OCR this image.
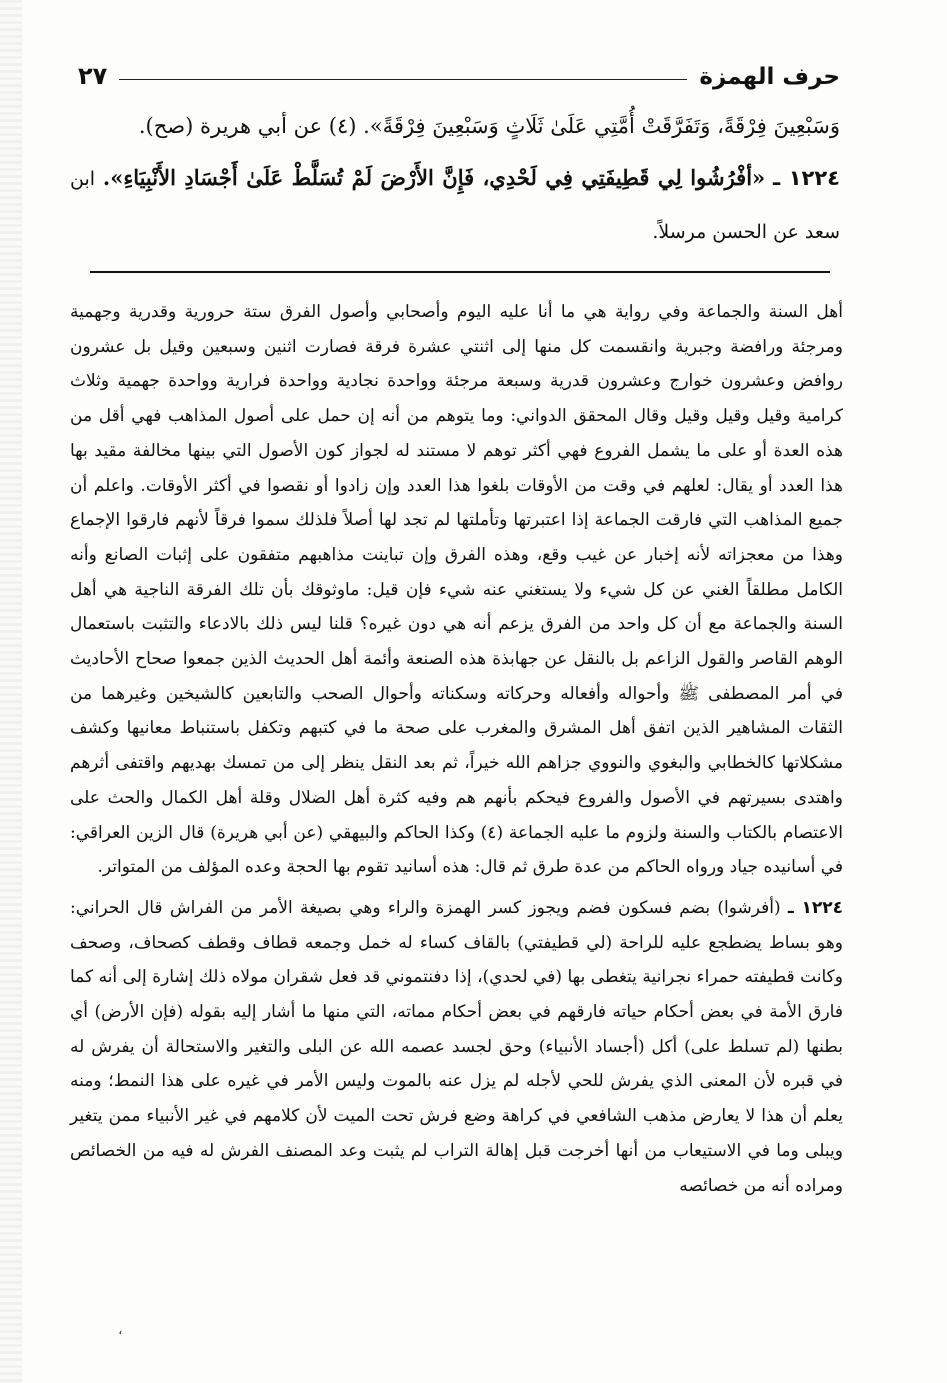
حرف الهمزة
٢٧

وَسَبْعِينَ فِرْقَةً، وَتَفَرَّقَتْ أُمَّتِي عَلَىٰ ثَلَاثٍ وَسَبْعِينَ فِرْقَةً». (٤) عن أبي هريرة (صح).

١٢٢٤ ـ «أفْرُشُوا لِي قَطِيفَتِي فِي لَحْدِي، فَإِنَّ الأَرْضَ لَمْ تُسَلَّطْ عَلَىٰ أَجْسَادِ الأَنْبِيَاءِ». ابن سعد عن الحسن مرسلاً.

أهل السنة والجماعة وفي رواية هي ما أنا عليه اليوم وأصحابي وأصول الفرق ستة حرورية وقدرية وجهمية ومرجئة ورافضة وجبرية وانقسمت كل منها إلى اثنتي عشرة فرقة فصارت اثنين وسبعين وقيل بل عشرون روافض وعشرون خوارج وعشرون قدرية وسبعة مرجئة وواحدة نجادية وواحدة فرارية وواحدة جهمية وثلاث كرامية وقيل وقيل وقيل وقال المحقق الدواني: وما يتوهم من أنه إن حمل على أصول المذاهب فهي أقل من هذه العدة أو على ما يشمل الفروع فهي أكثر توهم لا مستند له لجواز كون الأصول التي بينها مخالفة مقيد بها هذا العدد أو يقال: لعلهم في وقت من الأوقات بلغوا هذا العدد وإن زادوا أو نقصوا في أكثر الأوقات. واعلم أن جميع المذاهب التي فارقت الجماعة إذا اعتبرتها وتأملتها لم تجد لها أصلاً فلذلك سموا فرقاً لأنهم فارقوا الإجماع وهذا من معجزاته لأنه إخبار عن غيب وقع، وهذه الفرق وإن تباينت مذاهبهم متفقون على إثبات الصانع وأنه الكامل مطلقاً الغني عن كل شيء ولا يستغني عنه شيء فإن قيل: ماوثوقك بأن تلك الفرقة الناجية هي أهل السنة والجماعة مع أن كل واحد من الفرق يزعم أنه هي دون غيره؟ قلنا ليس ذلك بالادعاء والتثبت باستعمال الوهم القاصر والقول الزاعم بل بالنقل عن جهابذة هذه الصنعة وأئمة أهل الحديث الذين جمعوا صحاح الأحاديث في أمر المصطفى ﷺ وأحواله وأفعاله وحركاته وسكناته وأحوال الصحب والتابعين كالشيخين وغيرهما من الثقات المشاهير الذين اتفق أهل المشرق والمغرب على صحة ما في كتبهم وتكفل باستنباط معانيها وكشف مشكلاتها كالخطابي والبغوي والنووي جزاهم الله خيراً، ثم بعد النقل ينظر إلى من تمسك بهديهم واقتفى أثرهم واهتدى بسيرتهم في الأصول والفروع فيحكم بأنهم هم وفيه كثرة أهل الضلال وقلة أهل الكمال والحث على الاعتصام بالكتاب والسنة ولزوم ما عليه الجماعة (٤) وكذا الحاكم والبيهقي (عن أبي هريرة) قال الزين العراقي: في أسانيده جياد ورواه الحاكم من عدة طرق ثم قال: هذه أسانيد تقوم بها الحجة وعده المؤلف من المتواتر.

١٢٢٤ ـ (أفرشوا) بضم فسكون فضم ويجوز كسر الهمزة والراء وهي بصيغة الأمر من الفراش قال الحراني: وهو بساط يضطجع عليه للراحة (لي قطيفتي) بالقاف كساء له خمل وجمعه قطاف وقطف كصحاف، وصحف وكانت قطيفته حمراء نجرانية يتغطى بها (في لحدي)، إذا دفنتموني قد فعل شقران مولاه ذلك إشارة إلى أنه كما فارق الأمة في بعض أحكام حياته فارقهم في بعض أحكام مماته، التي منها ما أشار إليه بقوله (فإن الأرض) أي بطنها (لم تسلط على) أكل (أجساد الأنبياء) وحق لجسد عصمه الله عن البلى والتغير والاستحالة أن يفرش له في قبره لأن المعنى الذي يفرش للحي لأجله لم يزل عنه بالموت وليس الأمر في غيره على هذا النمط؛ ومنه يعلم أن هذا لا يعارض مذهب الشافعي في كراهة وضع فرش تحت الميت لأن كلامهم في غير الأنبياء ممن يتغير ويبلى وما في الاستيعاب من أنها أخرجت قبل إهالة التراب لم يثبت وعد المصنف الفرش له فيه من الخصائص ومراده أنه من خصائصه

،
